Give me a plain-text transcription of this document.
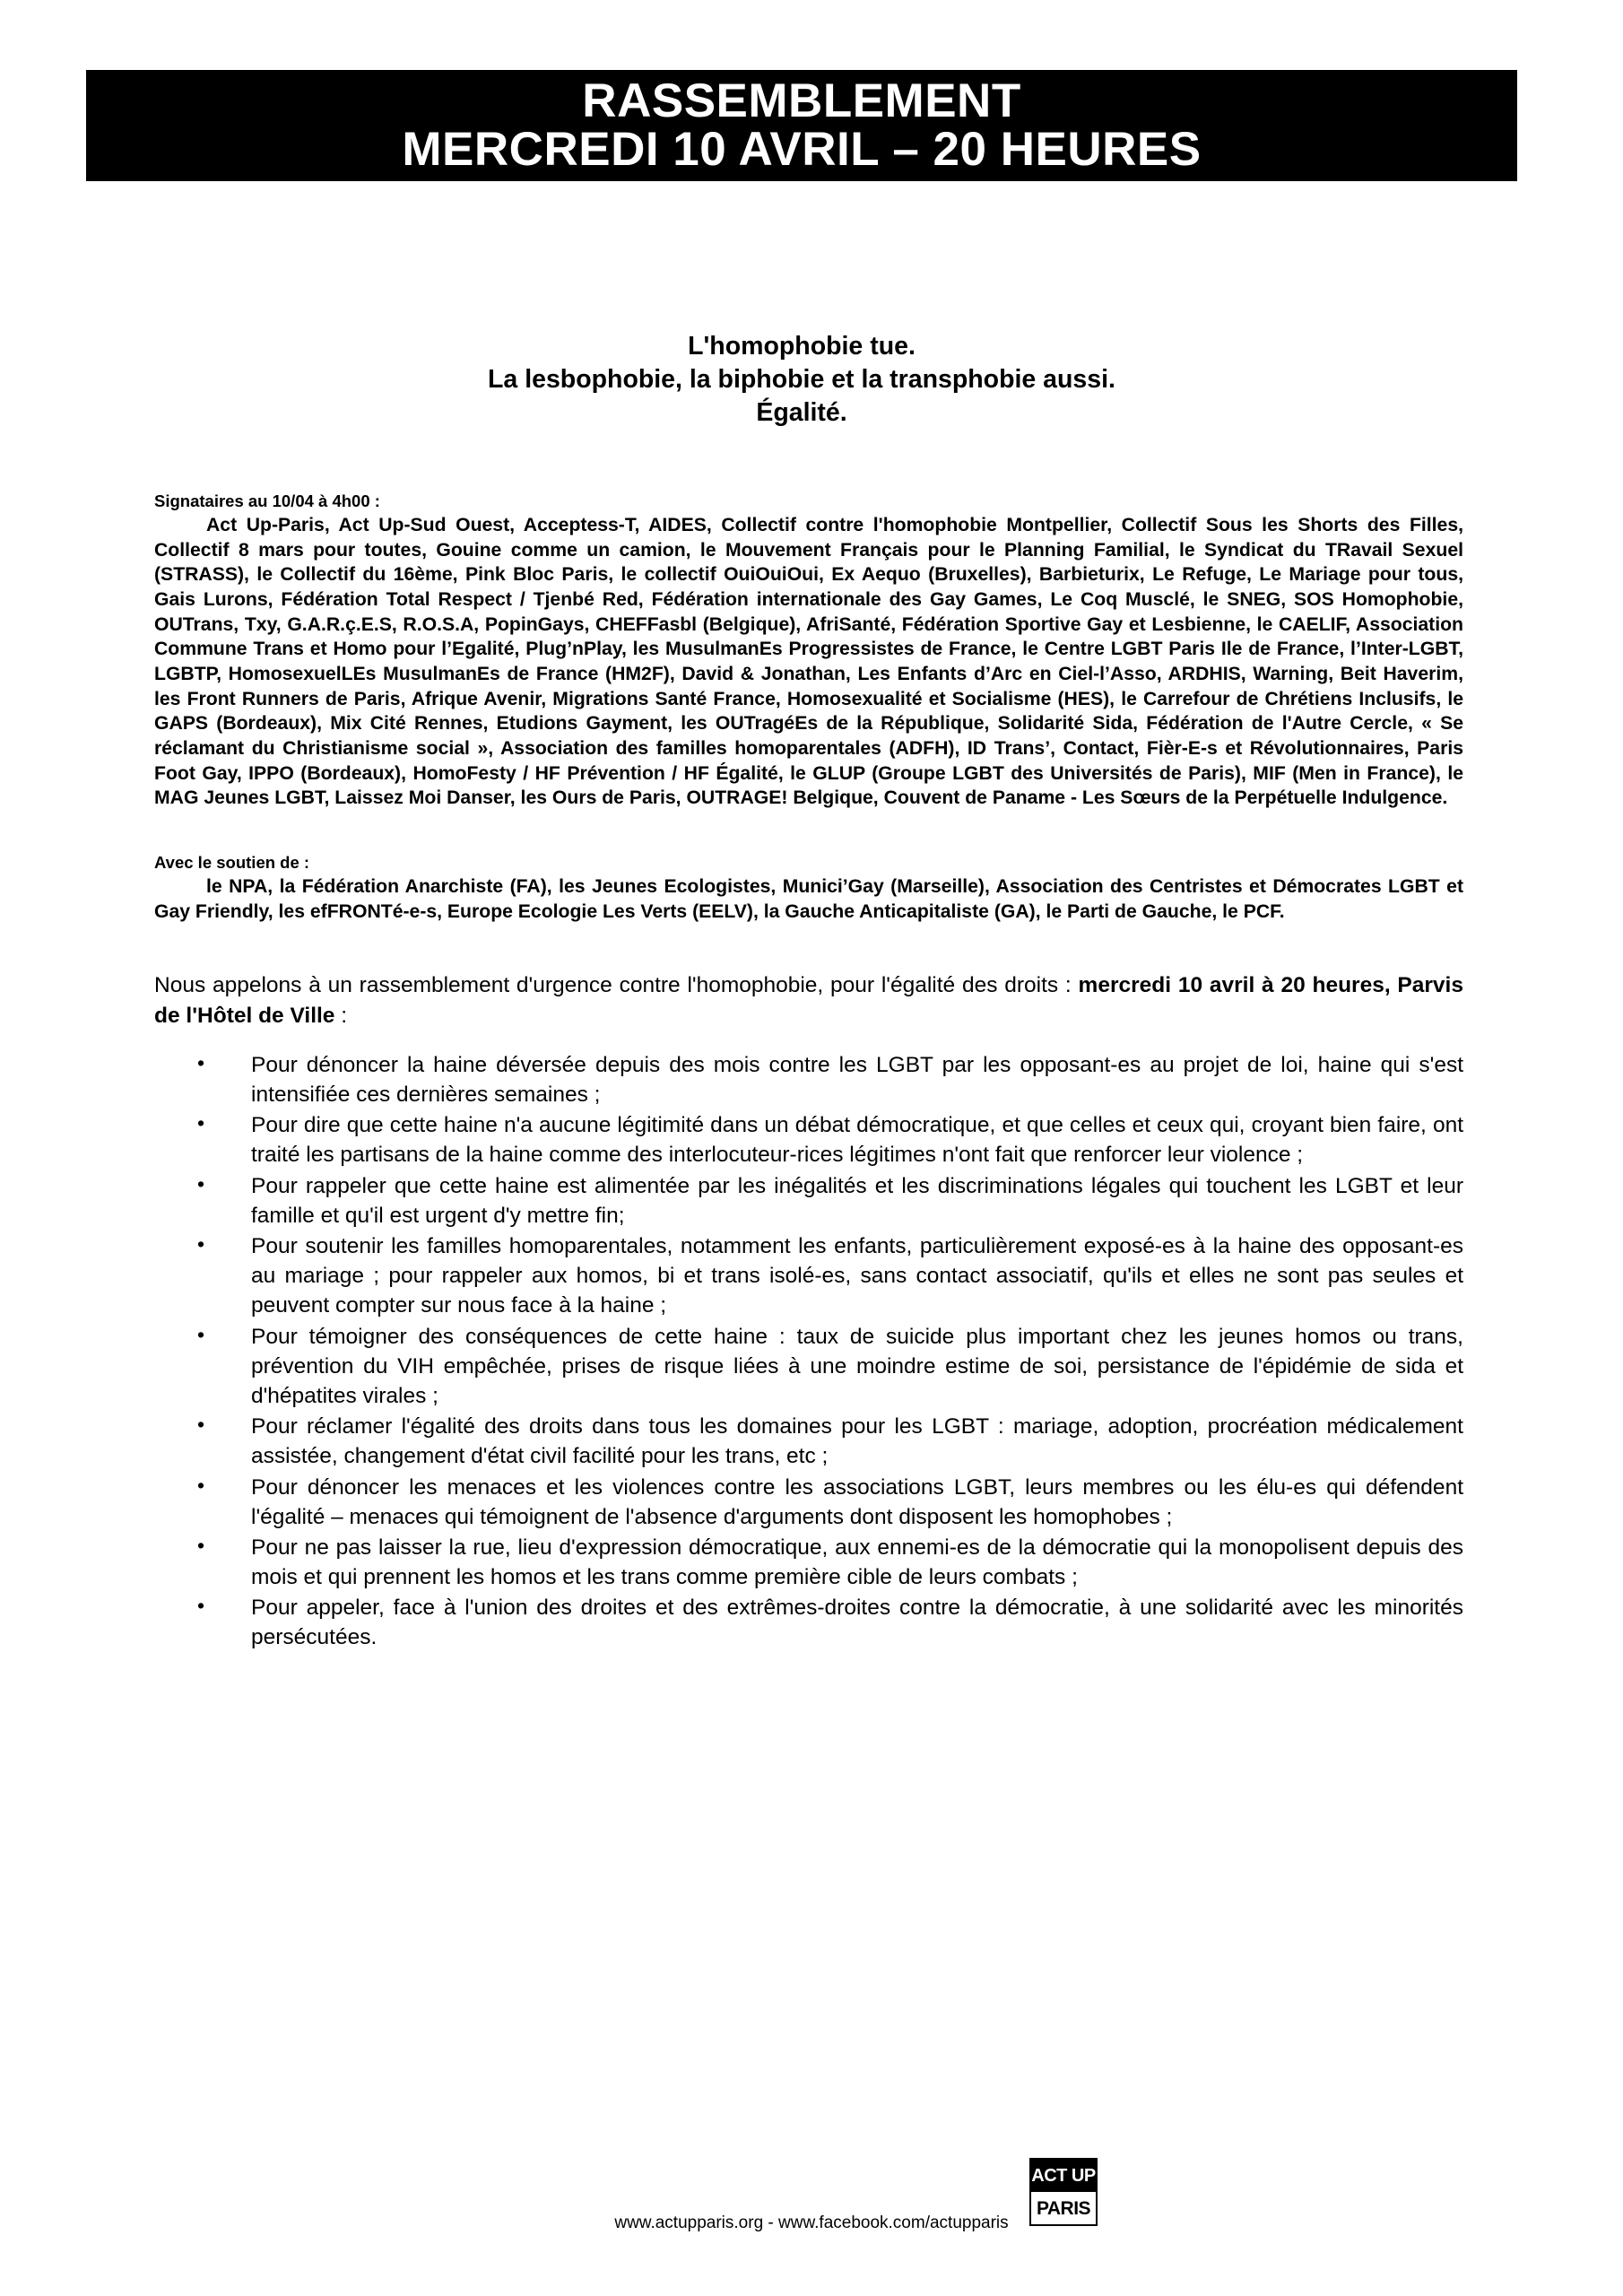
RASSEMBLEMENT
MERCREDI 10 AVRIL – 20 HEURES
L'homophobie tue.
La lesbophobie, la biphobie et la transphobie aussi.
Égalité.
Signataires au 10/04 à 4h00 :

Act Up-Paris, Act Up-Sud Ouest, Acceptess-T, AIDES, Collectif contre l'homophobie Montpellier, Collectif Sous les Shorts des Filles, Collectif 8 mars pour toutes, Gouine comme un camion, le Mouvement Français pour le Planning Familial, le Syndicat du TRavail Sexuel (STRASS), le Collectif du 16ème, Pink Bloc Paris, le collectif OuiOuiOui, Ex Aequo (Bruxelles), Barbieturix, Le Refuge, Le Mariage pour tous, Gais Lurons, Fédération Total Respect / Tjenbé Red, Fédération internationale des Gay Games, Le Coq Musclé, le SNEG, SOS Homophobie, OUTrans, Txy, G.A.R.ç.E.S, R.O.S.A, PopinGays, CHEFFasbl (Belgique), AfriSanté, Fédération Sportive Gay et Lesbienne, le CAELIF, Association Commune Trans et Homo pour l’Egalité, Plug’nPlay, les MusulmanEs Progressistes de France, le Centre LGBT Paris Ile de France, l’Inter-LGBT, LGBTP, HomosexuelLEs MusulmanEs de France (HM2F), David & Jonathan, Les Enfants d’Arc en Ciel-l’Asso, ARDHIS, Warning, Beit Haverim, les Front Runners de Paris, Afrique Avenir, Migrations Santé France, Homosexualité et Socialisme (HES), le Carrefour de Chrétiens Inclusifs, le GAPS (Bordeaux), Mix Cité Rennes, Etudions Gayment, les OUTragéEs de la République, Solidarité Sida, Fédération de l'Autre Cercle, « Se réclamant du Christianisme social », Association des familles homoparentales (ADFH), ID Trans’, Contact, Fièr-E-s et Révolutionnaires, Paris Foot Gay, IPPO (Bordeaux), HomoFesty / HF Prévention / HF Égalité, le GLUP (Groupe LGBT des Universités de Paris), MIF (Men in France), le MAG Jeunes LGBT, Laissez Moi Danser, les Ours de Paris, OUTRAGE! Belgique, Couvent de Paname - Les Sœurs de la Perpétuelle Indulgence.

Avec le soutien de :

le NPA, la Fédération Anarchiste (FA), les Jeunes Ecologistes, Munici’Gay (Marseille), Association des Centristes et Démocrates LGBT et Gay Friendly, les efFRONTé-e-s, Europe Ecologie Les Verts (EELV), la Gauche Anticapitaliste (GA), le Parti de Gauche, le PCF.

Nous appelons à un rassemblement d'urgence contre l'homophobie, pour l'égalité des droits : mercredi 10 avril à 20 heures, Parvis de l'Hôtel de Ville :

• Pour dénoncer la haine déversée depuis des mois contre les LGBT par les opposant-es au projet de loi, haine qui s'est intensifiée ces dernières semaines ;
• Pour dire que cette haine n'a aucune légitimité dans un débat démocratique, et que celles et ceux qui, croyant bien faire, ont traité les partisans de la haine comme des interlocuteur-rices légitimes n'ont fait que renforcer leur violence ;
• Pour rappeler que cette haine est alimentée par les inégalités et les discriminations légales qui touchent les LGBT et leur famille et qu'il est urgent d'y mettre fin;
• Pour soutenir les familles homoparentales, notamment les enfants, particulièrement exposé-es à la haine des opposant-es au mariage ; pour rappeler aux homos, bi et trans isolé-es, sans contact associatif, qu'ils et elles ne sont pas seules et peuvent compter sur nous face à la haine ;
• Pour témoigner des conséquences de cette haine : taux de suicide plus important chez les jeunes homos ou trans, prévention du VIH empêchée, prises de risque liées à une moindre estime de soi, persistance de l'épidémie de sida et d'hépatites virales ;
• Pour réclamer l'égalité des droits dans tous les domaines pour les LGBT : mariage, adoption, procréation médicalement assistée, changement d'état civil facilité pour les trans, etc ;
• Pour dénoncer les menaces et les violences contre les associations LGBT, leurs membres ou les élu-es qui défendent l'égalité – menaces qui témoignent de l'absence d'arguments dont disposent les homophobes ;
• Pour ne pas laisser la rue, lieu d'expression démocratique, aux ennemi-es de la démocratie qui la monopolisent depuis des mois et qui prennent les homos et les trans comme première cible de leurs combats ;
• Pour appeler, face à l'union des droites et des extrêmes-droites contre la démocratie, à une solidarité avec les minorités persécutées.
ACT UP
PARIS
www.actupparis.org - www.facebook.com/actupparis
